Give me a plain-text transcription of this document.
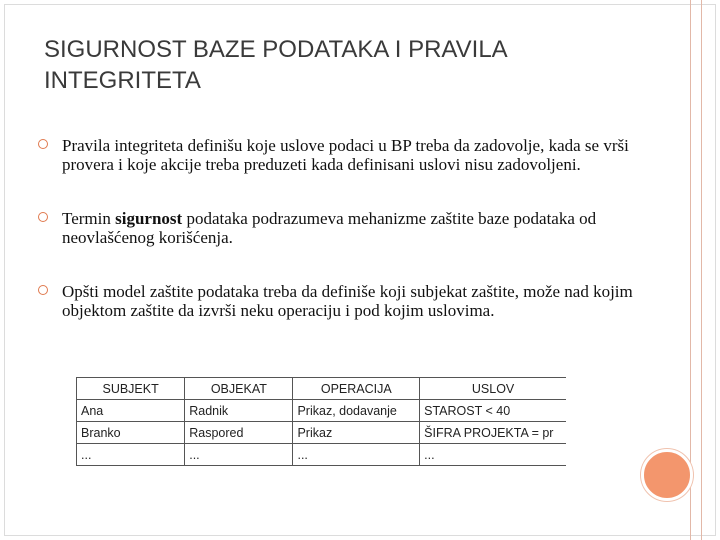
SIGURNOST BAZE PODATAKA I PRAVILA INTEGRITETA
Pravila integriteta definišu koje uslove podaci u BP treba da zadovolje, kada se vrši provera i koje akcije treba preduzeti kada definisani uslovi nisu zadovoljeni.
Termin sigurnost podataka podrazumeva mehanizme zaštite baze podataka od neovlašćenog korišćenja.
Opšti model zaštite podataka treba da definiše koji subjekat zaštite, može nad kojim objektom zaštite da izvrši neku operaciju i pod kojim uslovima.
SUBJEKT	OBJEKAT	OPERACIJA	USLOV
Ana	Radnik	Prikaz, dodavanje	STAROST < 40
Branko	Raspored	Prikaz	ŠIFRA PROJEKTA = pr
...	...	...	...
